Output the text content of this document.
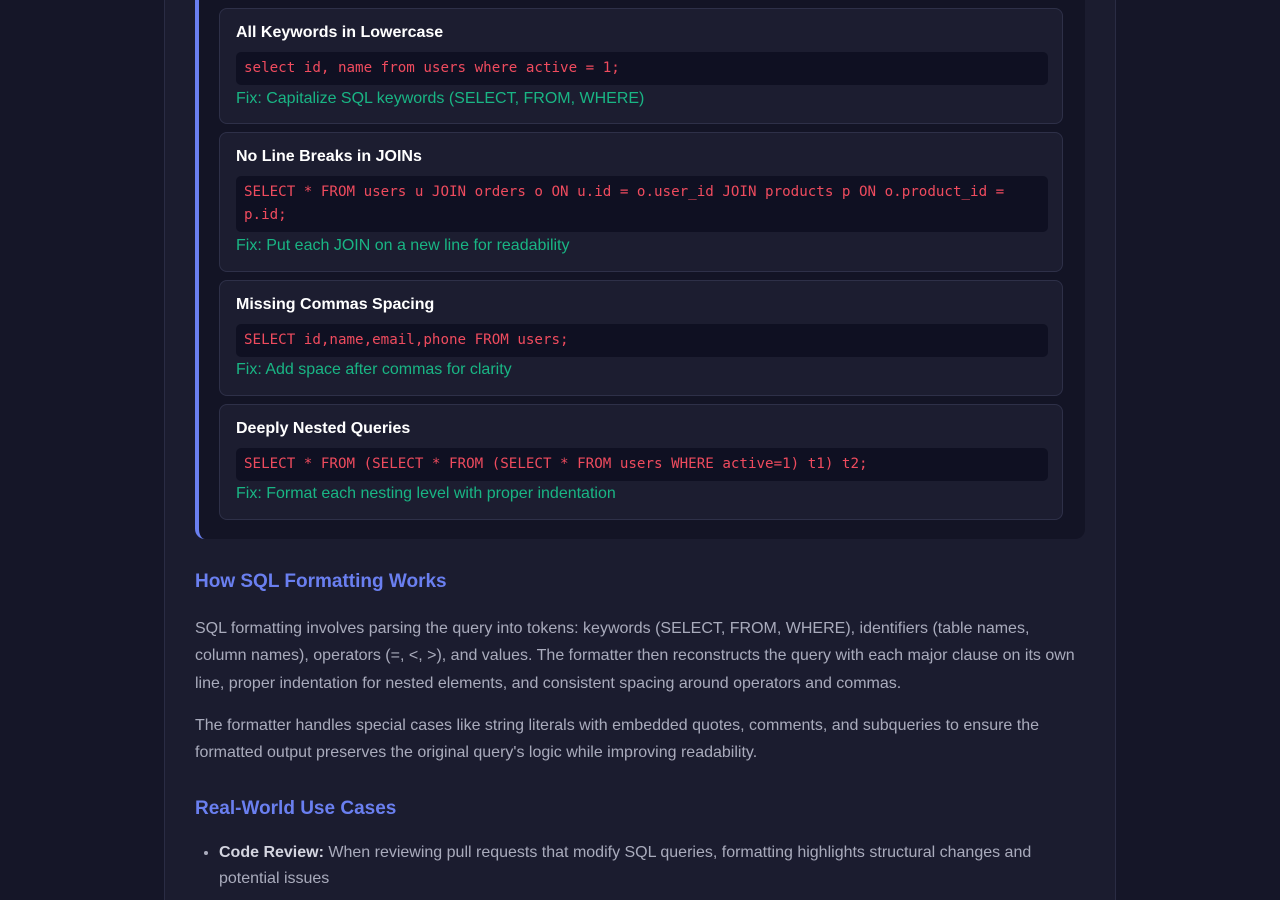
All Keywords in Lowercase
select id, name from users where active = 1;
Fix: Capitalize SQL keywords (SELECT, FROM, WHERE)
No Line Breaks in JOINs
SELECT * FROM users u JOIN orders o ON u.id = o.user_id JOIN products p ON o.product_id = p.id;
Fix: Put each JOIN on a new line for readability
Missing Commas Spacing
SELECT id,name,email,phone FROM users;
Fix: Add space after commas for clarity
Deeply Nested Queries
SELECT * FROM (SELECT * FROM (SELECT * FROM users WHERE active=1) t1) t2;
Fix: Format each nesting level with proper indentation
How SQL Formatting Works

SQL formatting involves parsing the query into tokens: keywords (SELECT, FROM, WHERE), identifiers (table names, column names), operators (=, <, >), and values. The formatter then reconstructs the query with each major clause on its own line, proper indentation for nested elements, and consistent spacing around operators and commas.

The formatter handles special cases like string literals with embedded quotes, comments, and subqueries to ensure the formatted output preserves the original query's logic while improving readability.

Real-World Use Cases
• Code Review: When reviewing pull requests that modify SQL queries, formatting highlights structural changes and potential issues
